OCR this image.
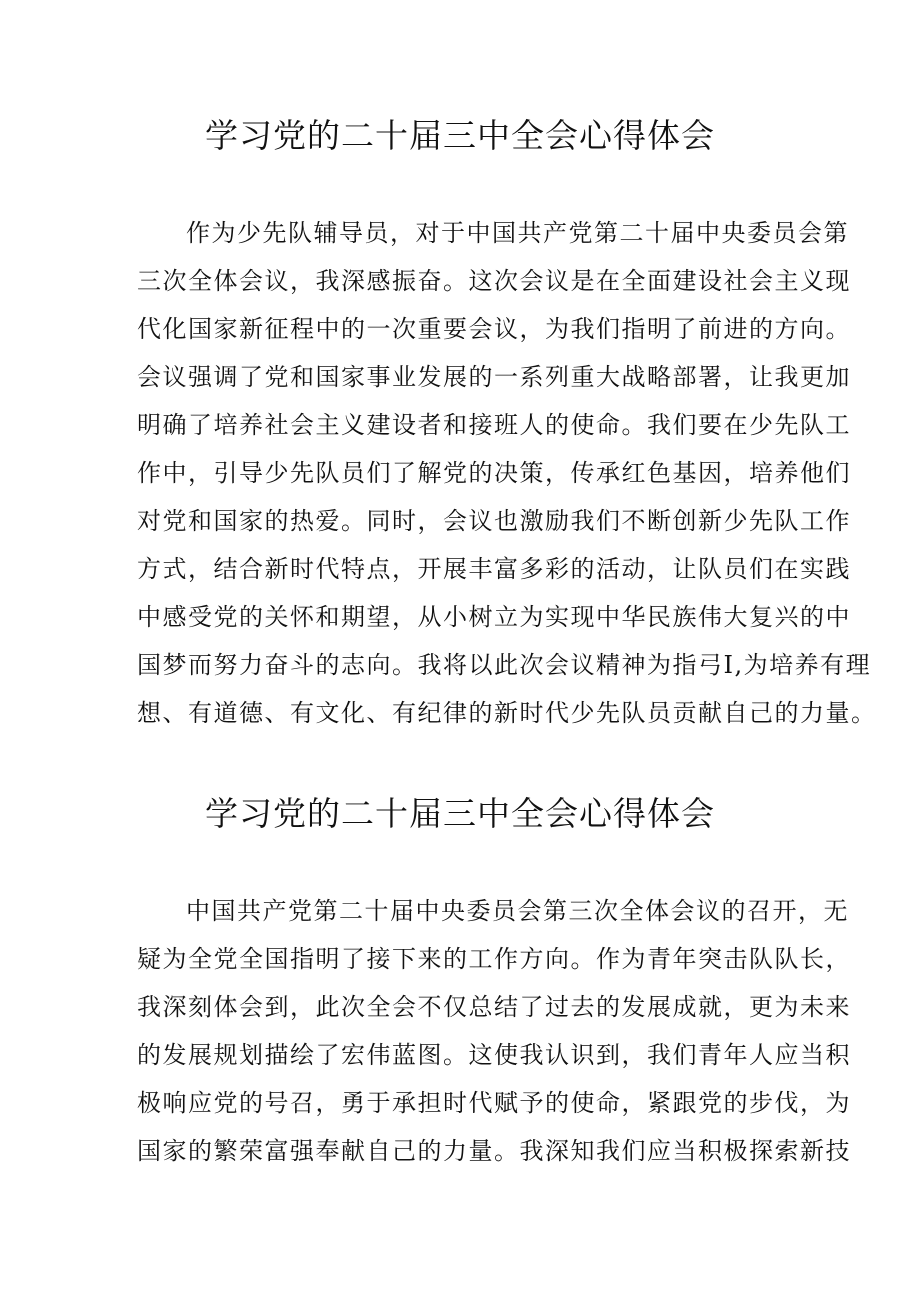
学习党的二十届三中全会心得体会
作为少先队辅导员，对于中国共产党第二十届中央委员会第
三次全体会议，我深感振奋。这次会议是在全面建设社会主义现
代化国家新征程中的一次重要会议，为我们指明了前进的方向。
会议强调了党和国家事业发展的一系列重大战略部署，让我更加
明确了培养社会主义建设者和接班人的使命。我们要在少先队工
作中，引导少先队员们了解党的决策，传承红色基因，培养他们
对党和国家的热爱。同时，会议也激励我们不断创新少先队工作
方式，结合新时代特点，开展丰富多彩的活动，让队员们在实践
中感受党的关怀和期望，从小树立为实现中华民族伟大复兴的中
国梦而努力奋斗的志向。我将以此次会议精神为指弓I,为培养有理
想、有道德、有文化、有纪律的新时代少先队员贡献自己的力量。
学习党的二十届三中全会心得体会
中国共产党第二十届中央委员会第三次全体会议的召开，无
疑为全党全国指明了接下来的工作方向。作为青年突击队队长，
我深刻体会到，此次全会不仅总结了过去的发展成就，更为未来
的发展规划描绘了宏伟蓝图。这使我认识到，我们青年人应当积
极响应党的号召，勇于承担时代赋予的使命，紧跟党的步伐，为
国家的繁荣富强奉献自己的力量。我深知我们应当积极探索新技
